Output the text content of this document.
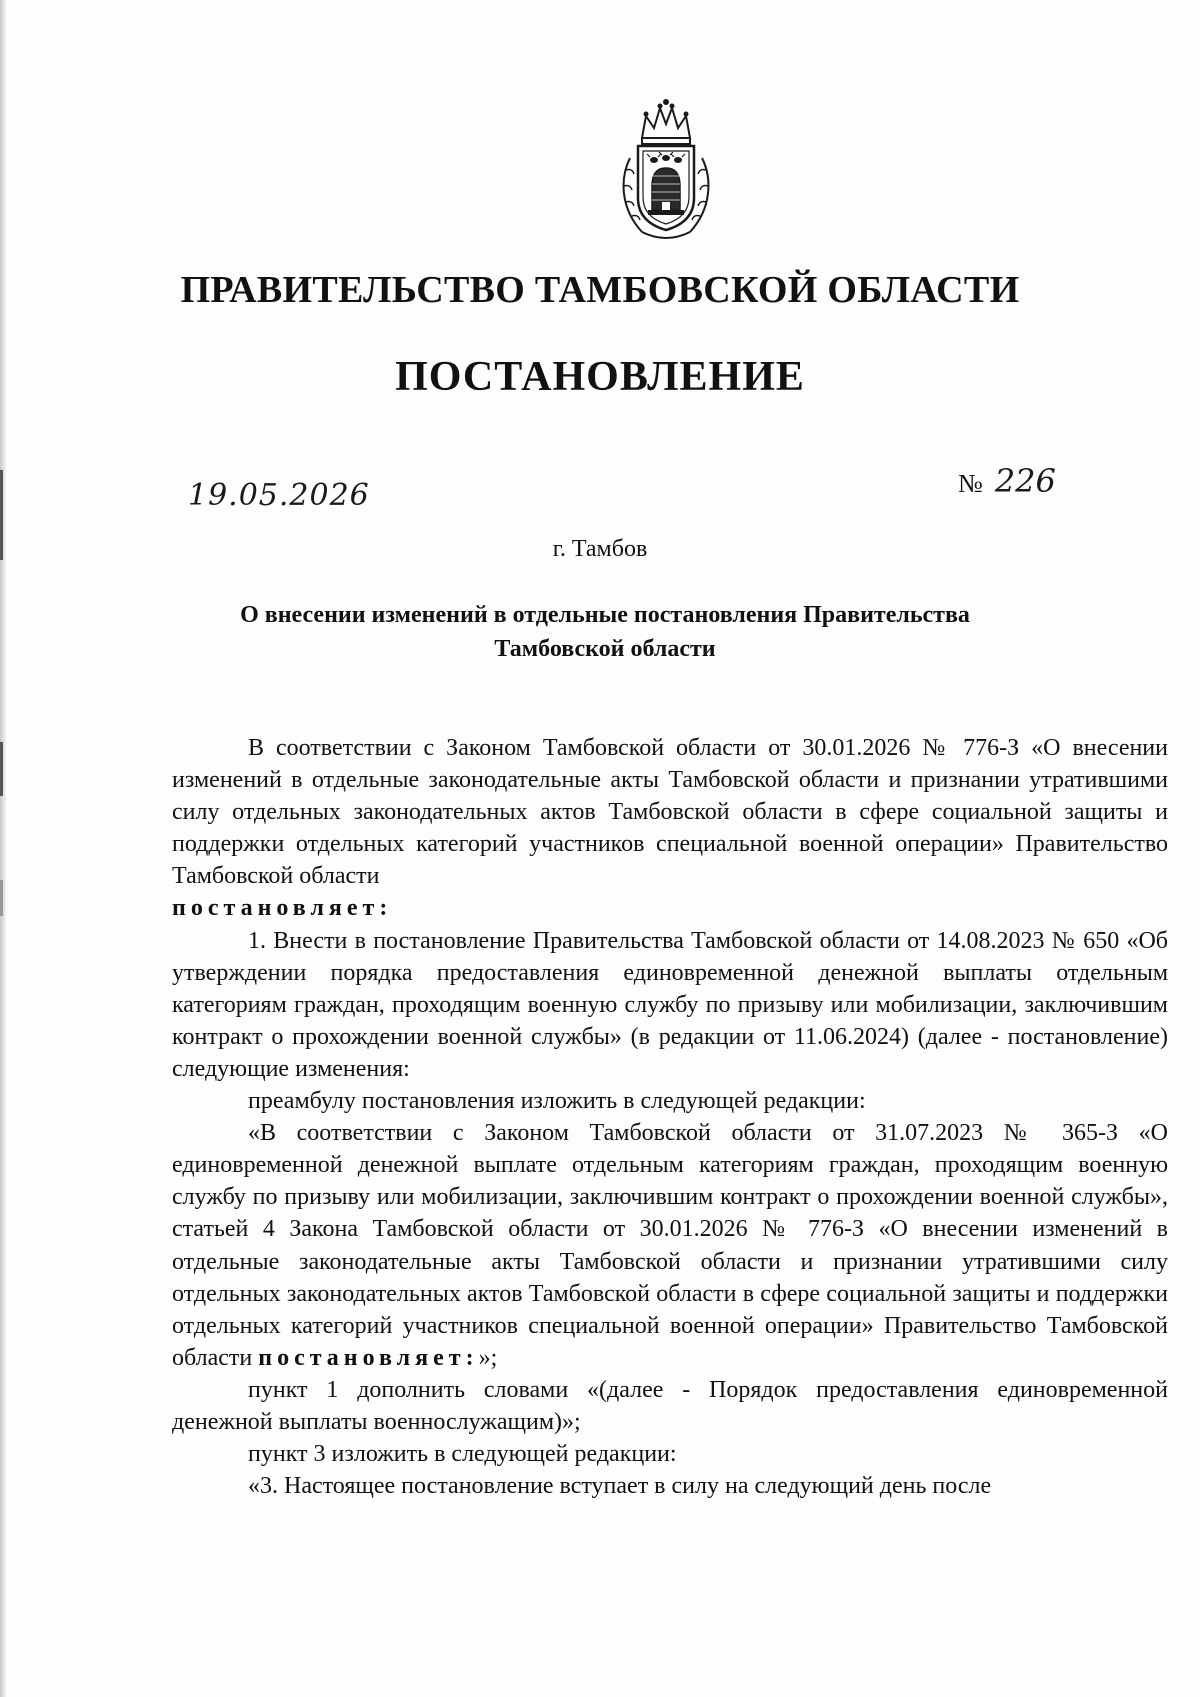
ПРАВИТЕЛЬСТВО ТАМБОВСКОЙ ОБЛАСТИ
ПОСТАНОВЛЕНИЕ
19.05.2026	№ 226
г. Тамбов
О внесении изменений в отдельные постановления Правительства
Тамбовской области

В соответствии с Законом Тамбовской области от 30.01.2026 № 776-З «О внесении изменений в отдельные законодательные акты Тамбовской области и признании утратившими силу отдельных законодательных актов Тамбовской области в сфере социальной защиты и поддержки отдельных категорий участников специальной военной операции» Правительство Тамбовской области

постановляет:

1. Внести в постановление Правительства Тамбовской области от 14.08.2023 № 650 «Об утверждении порядка предоставления единовременной денежной выплаты отдельным категориям граждан, проходящим военную службу по призыву или мобилизации, заключившим контракт о прохождении военной службы» (в редакции от 11.06.2024) (далее - постановление) следующие изменения:

преамбулу постановления изложить в следующей редакции:

«В соответствии с Законом Тамбовской области от 31.07.2023 № 365-З «О единовременной денежной выплате отдельным категориям граждан, проходящим военную службу по призыву или мобилизации, заключившим контракт о прохождении военной службы», статьей 4 Закона Тамбовской области от 30.01.2026 № 776-З «О внесении изменений в отдельные законодательные акты Тамбовской области и признании утратившими силу отдельных законодательных актов Тамбовской области в сфере социальной защиты и поддержки отдельных категорий участников специальной военной операции» Правительство Тамбовской области постановляет:»;

пункт 1 дополнить словами «(далее - Порядок предоставления единовременной денежной выплаты военнослужащим)»;

пункт 3 изложить в следующей редакции:

«3. Настоящее постановление вступает в силу на следующий день после
